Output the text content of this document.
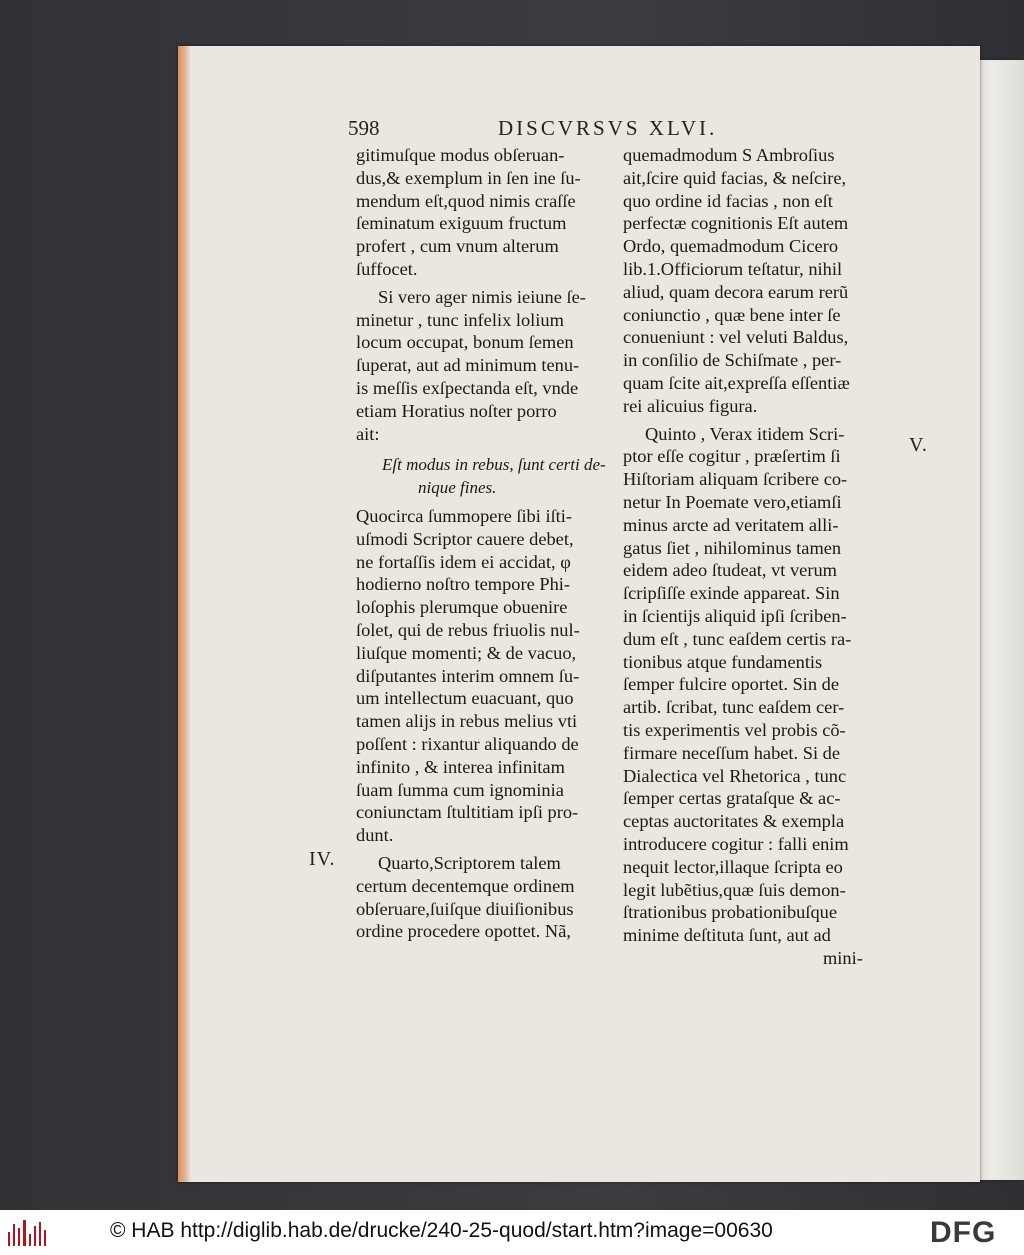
598	DISCVRSVS XLVI.
V.
IV.
gitimuſque modus obſeruan-
dus,& exemplum in ſen ine ſu-
mendum eſt,quod nimis craſſe
ſeminatum exiguum fructum
profert , cum vnum alterum
ſuffocet.
Si vero ager nimis ieiune ſe-
minetur , tunc infelix lolium
locum occupat, bonum ſemen
ſuperat, aut ad minimum tenu-
is meſſis exſpectanda eſt, vnde
etiam Horatius noſter porro
ait:
Eſt modus in rebus, ſunt certi de-
nique fines.
Quocirca ſummopere ſibi iſti-
uſmodi Scriptor cauere debet,
ne fortaſſis idem ei accidat, φ
hodierno noſtro tempore Phi-
loſophis plerumque obuenire
ſolet, qui de rebus friuolis nul-
liuſque momenti; & de vacuo,
diſputantes interim omnem ſu-
um intellectum euacuant, quo
tamen alijs in rebus melius vti
poſſent : rixantur aliquando de
infinito , & interea infinitam
ſuam ſumma cum ignominia
coniunctam ſtultitiam ipſi pro-
dunt.
Quarto,Scriptorem talem
certum decentemque ordinem
obſeruare,ſuiſque diuiſionibus
ordine procedere opottet. Nã,
quemadmodum S Ambroſius
ait,ſcire quid facias, & neſcire,
quo ordine id facias , non eſt
perfectæ cognitionis Eſt autem
Ordo, quemadmodum Cicero
lib.1.Officiorum teſtatur, nihil
aliud, quam decora earum rerũ
coniunctio , quæ bene inter ſe
conueniunt : vel veluti Baldus,
in conſilio de Schiſmate , per-
quam ſcite ait,expreſſa eſſentiæ
rei alicuius figura.
Quinto , Verax itidem Scri-
ptor eſſe cogitur , præſertim ſi
Hiſtoriam aliquam ſcribere co-
netur In Poemate vero,etiamſi
minus arcte ad veritatem alli-
gatus ſiet , nihilominus tamen
eidem adeo ſtudeat, vt verum
ſcripſiſſe exinde appareat. Sin
in ſcientijs aliquid ipſi ſcriben-
dum eſt , tunc eaſdem certis ra-
tionibus atque fundamentis
ſemper fulcire oportet. Sin de
artib. ſcribat, tunc eaſdem cer-
tis experimentis vel probis cõ-
firmare neceſſum habet. Si de
Dialectica vel Rhetorica , tunc
ſemper certas grataſque & ac-
ceptas auctoritates & exempla
introducere cogitur : falli enim
nequit lector,illaque ſcripta eo
legit lubẽtius,quæ ſuis demon-
ſtrationibus probationibuſque
minime deſtituta ſunt, aut ad
mini-
© HAB http://diglib.hab.de/drucke/240-25-quod/start.htm?image=00630	DFG
